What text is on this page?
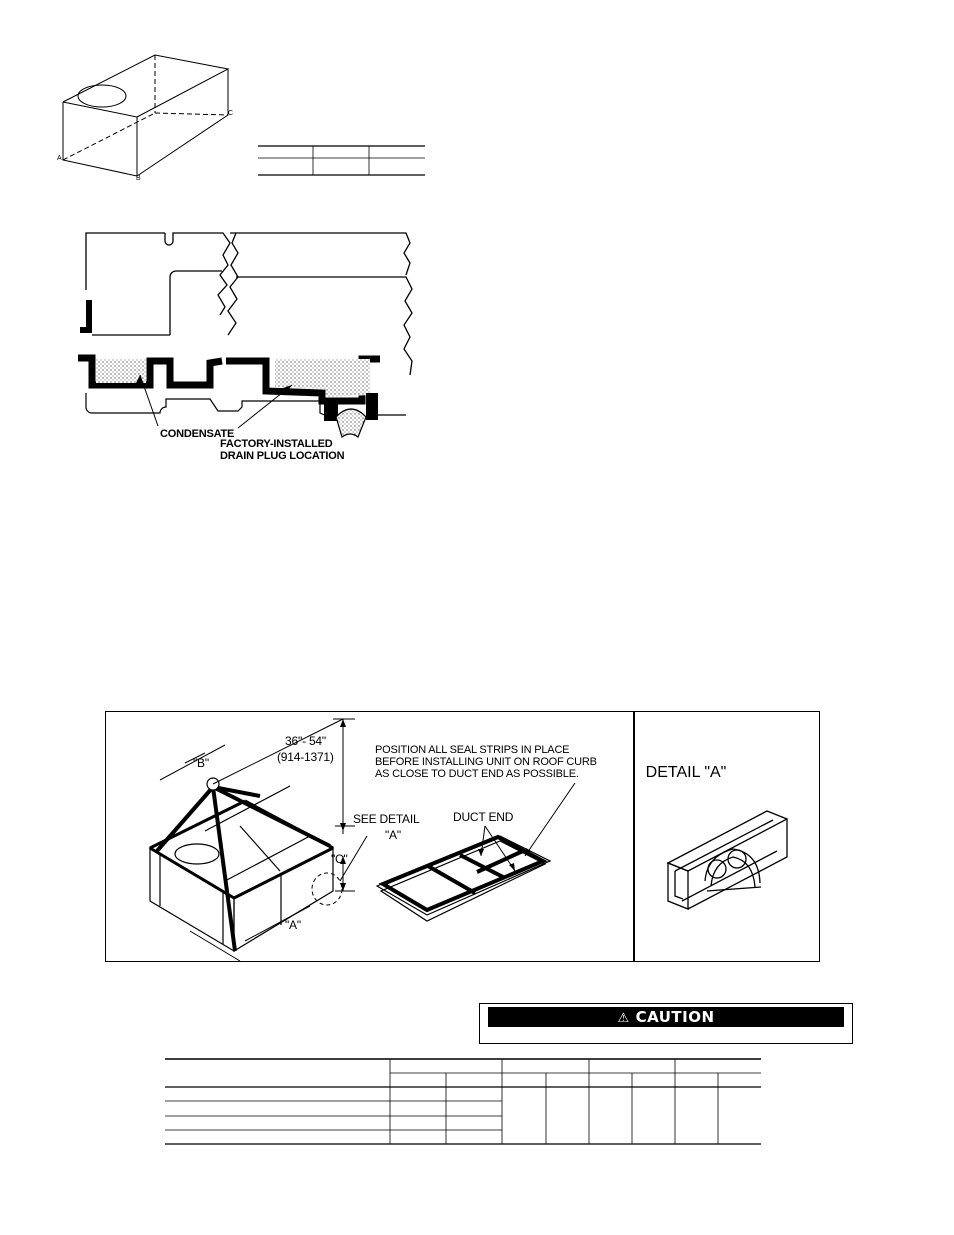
A
B
C
CONDENSATE
FACTORY-INSTALLED
DRAIN PLUG LOCATION
"B"
36"- 54"
(914-1371)
"C"
SEE DETAIL
"A"
"A"
POSITION ALL SEAL STRIPS IN PLACE
BEFORE INSTALLING UNIT ON ROOF CURB
AS CLOSE TO DUCT END AS POSSIBLE.
DUCT END
DETAIL "A"
⚠ CAUTION
